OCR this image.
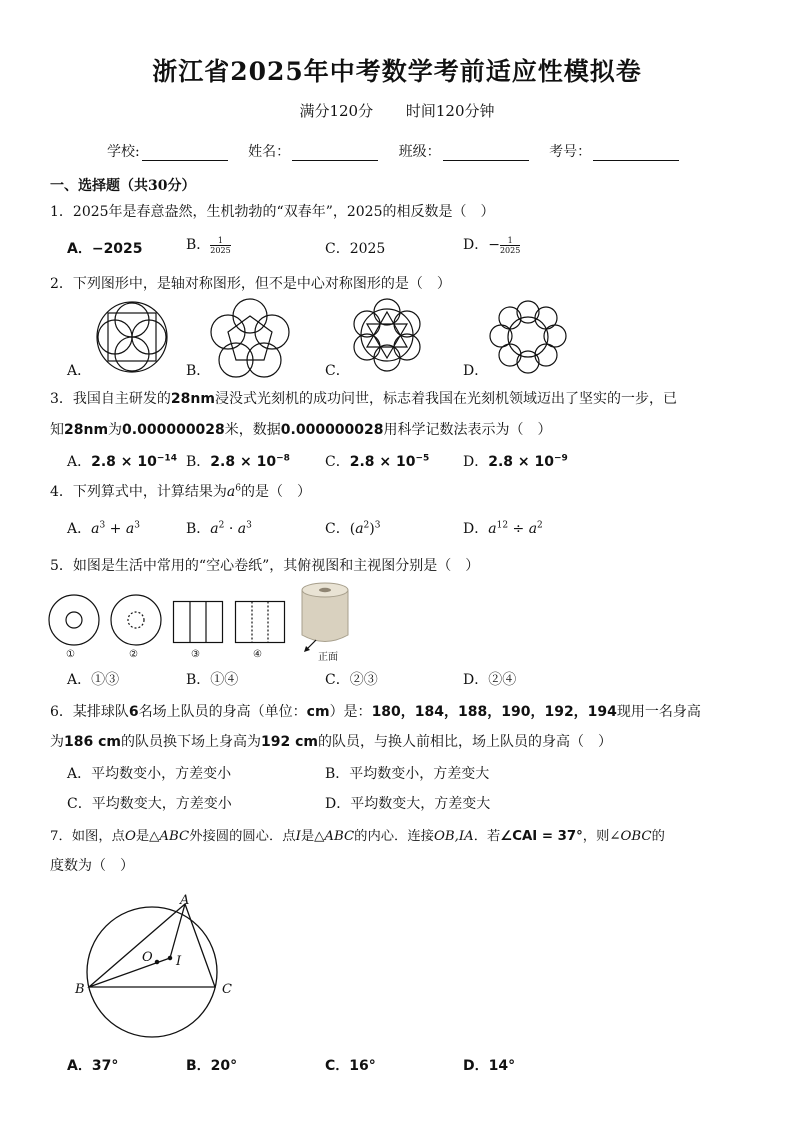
浙江省2025年中考数学考前适应性模拟卷
满分120分 时间120分钟
学校:	姓名：	班级：	考号：
一、选择题（共30分）
1．2025年是春意盎然，生机勃勃的“双春年”，2025的相反数是（　）
A．−2025	B． $\frac{1}{2025}$	C．2025	D．− $\frac{1}{2025}$
2．下列图形中，是轴对称图形，但不是中心对称图形的是（　）
A．	B．	C．	D．
3．我国自主研发的28nm浸没式光刻机的成功问世，标志着我国在光刻机领域迈出了坚实的一步，已
知28nm为0.000000028米，数据0.000000028用科学记数法表示为（　）
A．$2.8 \times 10^{-14}$ B．$2.8 \times 10^{-8}$	C．$2.8 \times 10^{-5}$ D．$2.8 \times 10^{-9}$
4．下列算式中，计算结果为$a^6$的是（　）
A．$a^3 + a^3$	B．$a^2 \cdot a^3$	C．$(a^2)^3$	D．$a^{12} \div a^2$
5．如图是生活中常用的“空心卷纸”，其俯视图和主视图分别是（　）
①	②	③	④	正面
A．①③	B．①④	C．②③	D．②④
6．某排球队6名场上队员的身高（单位：cm）是：180，184，188，190，192，194现用一名身高
为186 cm的队员换下场上身高为192 cm的队员，与换人前相比，场上队员的身高（　）
A．平均数变小，方差变小	B．平均数变小，方差变大
C．平均数变大，方差变小	D．平均数变大，方差变大
7．如图，点O是△ABC外接圆的圆心．点I是△ABC的内心．连接OB,IA．若∠CAI = 37°，则∠OBC的
度数为（　）
A
B	C
O I
A．37°	B．20°	C．16°	D．14°
